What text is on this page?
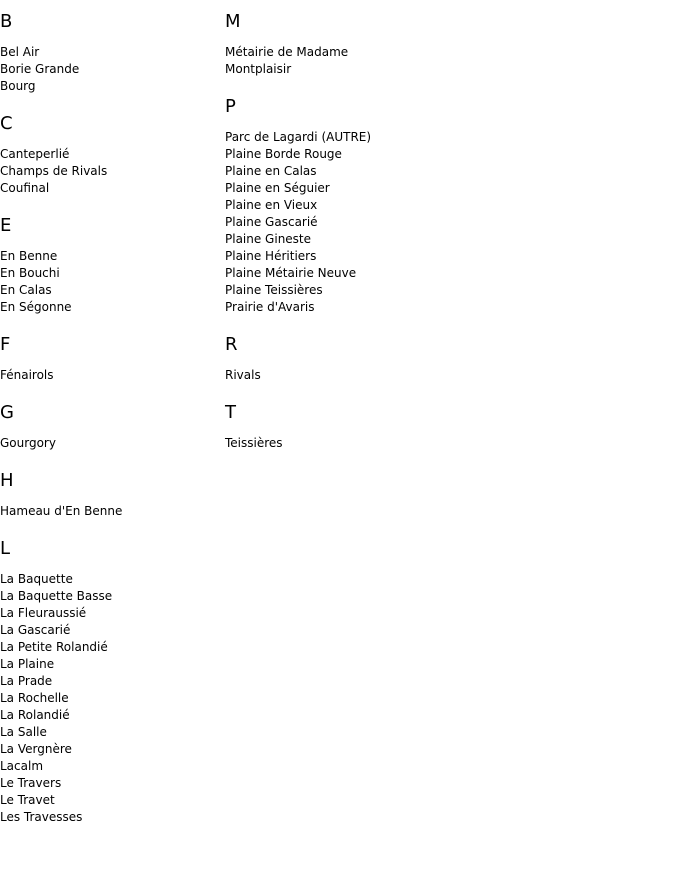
B
Bel Air
Borie Grande
Bourg
C
Canteperlié
Champs de Rivals
Coufinal
E
En Benne
En Bouchi
En Calas
En Ségonne
F
Fénairols
G
Gourgory
H
Hameau d'En Benne
L
La Baquette
La Baquette Basse
La Fleuraussié
La Gascarié
La Petite Rolandié
La Plaine
La Prade
La Rochelle
La Rolandié
La Salle
La Vergnère
Lacalm
Le Travers
Le Travet
Les Travesses
M
Métairie de Madame
Montplaisir
P
Parc de Lagardi (AUTRE)
Plaine Borde Rouge
Plaine en Calas
Plaine en Séguier
Plaine en Vieux
Plaine Gascarié
Plaine Gineste
Plaine Héritiers
Plaine Métairie Neuve
Plaine Teissières
Prairie d'Avaris
R
Rivals
T
Teissières
